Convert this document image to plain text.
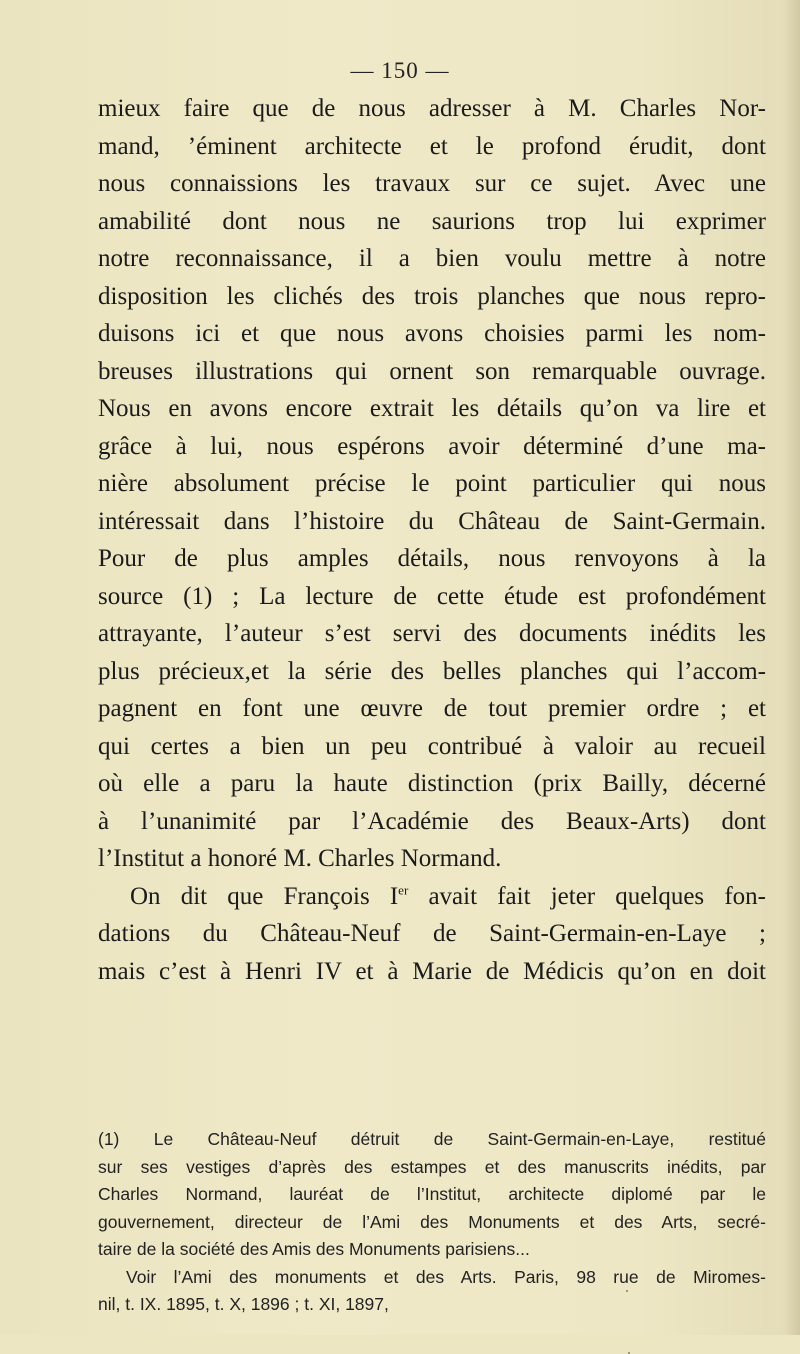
— 150 —
mieux faire que de nous adresser à M. Charles Nor-
mand, ’éminent architecte et le profond érudit, dont
nous connaissions les travaux sur ce sujet. Avec une
amabilité dont nous ne saurions trop lui exprimer
notre reconnaissance, il a bien voulu mettre à notre
disposition les clichés des trois planches que nous repro-
duisons ici et que nous avons choisies parmi les nom-
breuses illustrations qui ornent son remarquable ouvrage.
Nous en avons encore extrait les détails qu’on va lire et
grâce à lui, nous espérons avoir déterminé d’une ma-
nière absolument précise le point particulier qui nous
intéressait dans l’histoire du Château de Saint-Germain.
Pour de plus amples détails, nous renvoyons à la
source (1) ; La lecture de cette étude est profondément
attrayante, l’auteur s’est servi des documents inédits les
plus précieux,et la série des belles planches qui l’accom-
pagnent en font une œuvre de tout premier ordre ; et
qui certes a bien un peu contribué à valoir au recueil
où elle a paru la haute distinction (prix Bailly, décerné
à l’unanimité par l’Académie des Beaux-Arts) dont
l’Institut a honoré M. Charles Normand.
On dit que François Ier avait fait jeter quelques fon-
dations du Château-Neuf de Saint-Germain-en-Laye ;
mais c’est à Henri IV et à Marie de Médicis qu’on en doit
(1) Le Château-Neuf détruit de Saint-Germain-en-Laye, restitué
sur ses vestiges d’après des estampes et des manuscrits inédits, par
Charles Normand, lauréat de l’Institut, architecte diplomé par le
gouvernement, directeur de l’Ami des Monuments et des Arts, secré-
taire de la société des Amis des Monuments parisiens...
Voir l’Ami des monuments et des Arts. Paris, 98 rue de Miromes-
nil, t. IX. 1895, t. X, 1896 ; t. XI, 1897,
